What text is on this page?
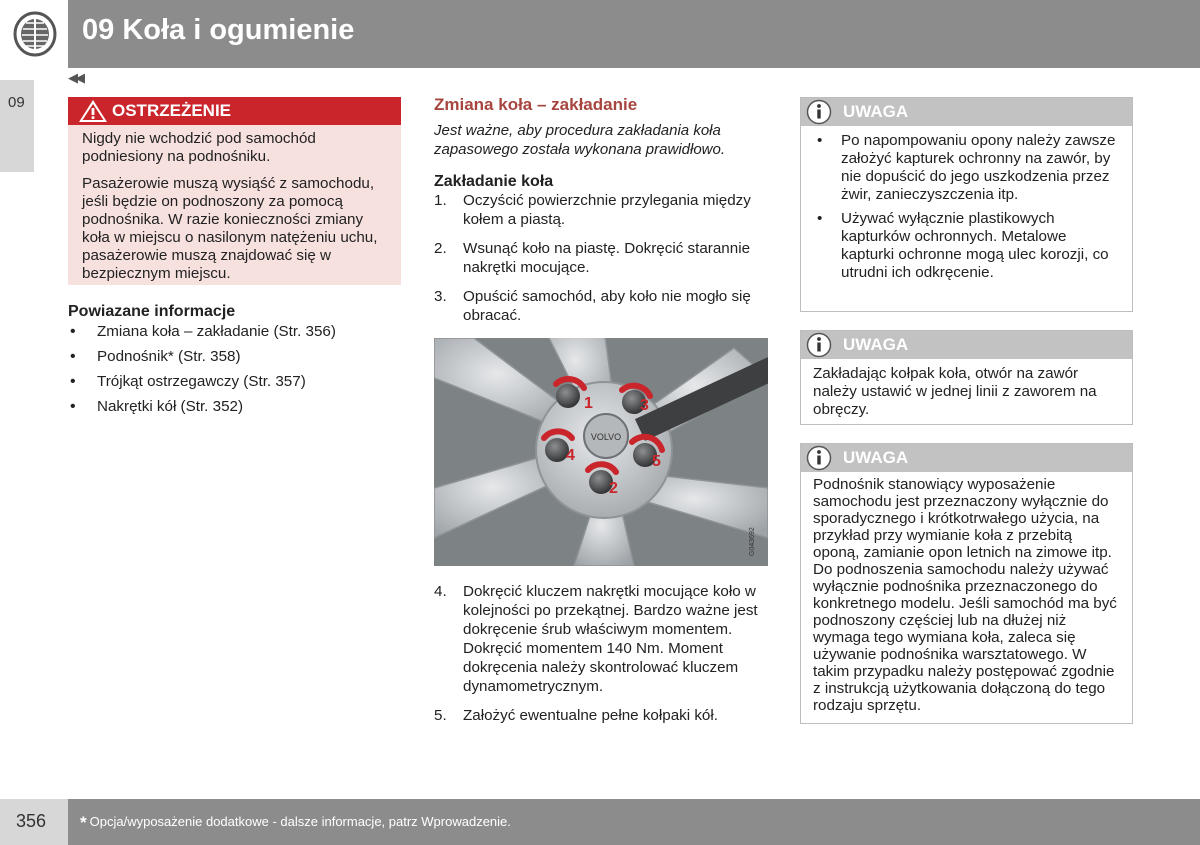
09 Koła i ogumienie
09
◀◀
OSTRZEŻENIE

Nigdy nie wchodzić pod samochód podniesiony na podnośniku.

Pasażerowie muszą wysiąść z samochodu, jeśli będzie on podnoszony za pomocą podnośnika. W razie konieczności zmiany koła w miejscu o nasilonym natężeniu uchu, pasażerowie muszą znajdować się w bezpiecznym miejscu.

Powiazane informacje
• Zmiana koła – zakładanie (Str. 356)
• Podnośnik* (Str. 358)
• Trójkąt ostrzegawczy (Str. 357)
• Nakrętki kół (Str. 352)
Zmiana koła – zakładanie

Jest ważne, aby procedura zakładania koła zapasowego została wykonana prawidłowo.

Zakładanie koła
1. Oczyścić powierzchnie przylegania między kołem a piastą.
2. Wsunąć koło na piastę. Dokręcić starannie nakrętki mocujące.
3. Opuścić samochód, aby koło nie mogło się obracać.
VOLVO
1
2
3
4	5
G043692
4. Dokręcić kluczem nakrętki mocujące koło w kolejności po przekątnej. Bardzo ważne jest dokręcenie śrub właściwym momentem. Dokręcić momentem 140 Nm. Moment dokręcenia należy skontrolować kluczem dynamometrycznym.
5. Założyć ewentualne pełne kołpaki kół.
UWAGA
• Po napompowaniu opony należy zawsze założyć kapturek ochronny na zawór, by nie dopuścić do jego uszkodzenia przez żwir, zanieczyszczenia itp.
• Używać wyłącznie plastikowych kapturków ochronnych. Metalowe kapturki ochronne mogą ulec korozji, co utrudni ich odkręcenie.
UWAGA
Zakładając kołpak koła, otwór na zawór należy ustawić w jednej linii z zaworem na obręczy.
UWAGA
Podnośnik stanowiący wyposażenie samochodu jest przeznaczony wyłącznie do sporadycznego i krótkotrwałego użycia, na przykład przy wymianie koła z przebitą oponą, zamianie opon letnich na zimowe itp. Do podnoszenia samochodu należy używać wyłącznie podnośnika przeznaczonego do konkretnego modelu. Jeśli samochód ma być podnoszony częściej lub na dłużej niż wymaga tego wymiana koła, zaleca się używanie podnośnika warsztatowego. W takim przypadku należy postępować zgodnie z instrukcją użytkowania dołączoną do tego rodzaju sprzętu.
356 * Opcja/wyposażenie dodatkowe - dalsze informacje, patrz Wprowadzenie.
